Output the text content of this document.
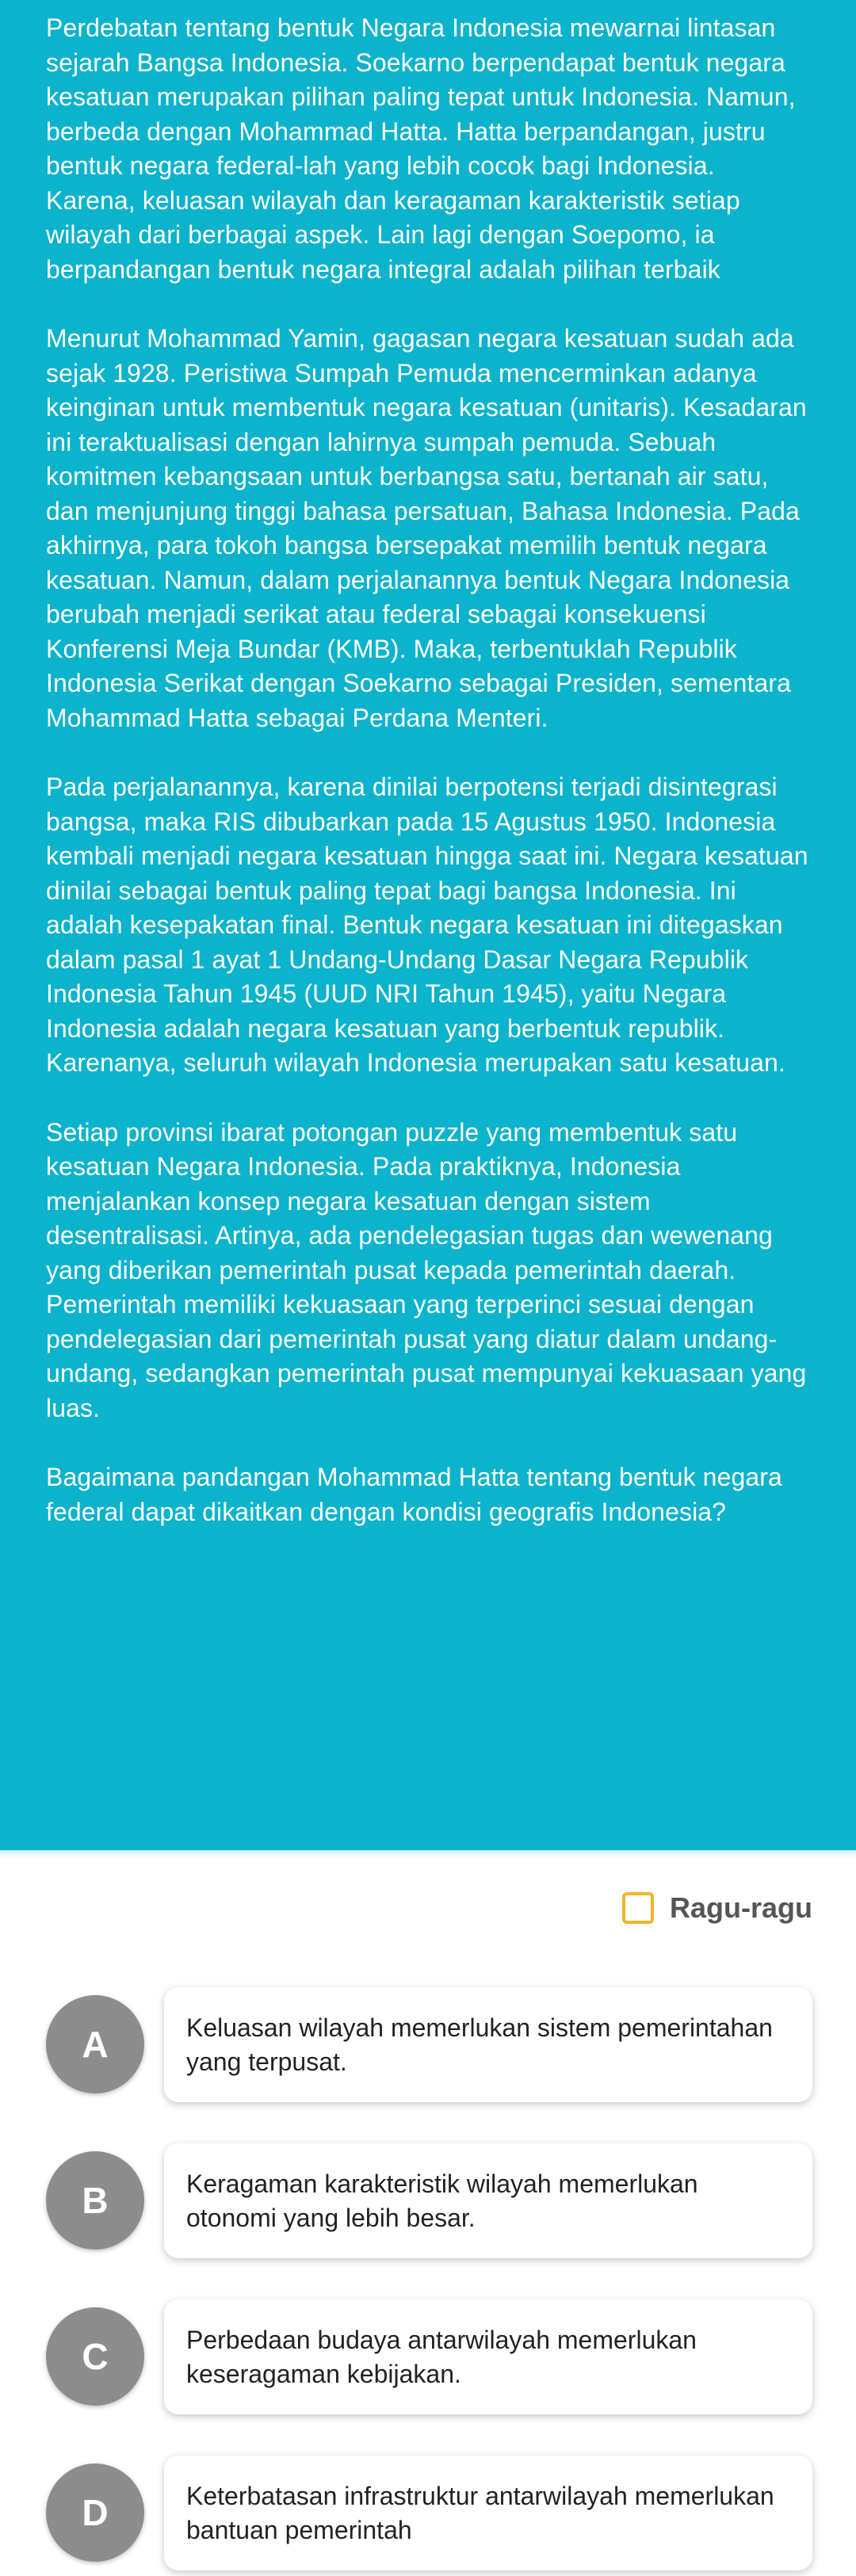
Perdebatan tentang bentuk Negara Indonesia mewarnai lintasan sejarah Bangsa Indonesia. Soekarno berpendapat bentuk negara kesatuan merupakan pilihan paling tepat untuk Indonesia. Namun, berbeda dengan Mohammad Hatta. Hatta berpandangan, justru bentuk negara federal-lah yang lebih cocok bagi Indonesia. Karena, keluasan wilayah dan keragaman karakteristik setiap wilayah dari berbagai aspek. Lain lagi dengan Soepomo, ia berpandangan bentuk negara integral adalah pilihan terbaik

Menurut Mohammad Yamin, gagasan negara kesatuan sudah ada sejak 1928. Peristiwa Sumpah Pemuda mencerminkan adanya keinginan untuk membentuk negara kesatuan (unitaris). Kesadaran ini teraktualisasi dengan lahirnya sumpah pemuda. Sebuah komitmen kebangsaan untuk berbangsa satu, bertanah air satu, dan menjunjung tinggi bahasa persatuan, Bahasa Indonesia. Pada akhirnya, para tokoh bangsa bersepakat memilih bentuk negara kesatuan. Namun, dalam perjalanannya bentuk Negara Indonesia berubah menjadi serikat atau federal sebagai konsekuensi Konferensi Meja Bundar (KMB). Maka, terbentuklah Republik Indonesia Serikat dengan Soekarno sebagai Presiden, sementara Mohammad Hatta sebagai Perdana Menteri.

Pada perjalanannya, karena dinilai berpotensi terjadi disintegrasi bangsa, maka RIS dibubarkan pada 15 Agustus 1950. Indonesia kembali menjadi negara kesatuan hingga saat ini. Negara kesatuan dinilai sebagai bentuk paling tepat bagi bangsa Indonesia. Ini adalah kesepakatan final. Bentuk negara kesatuan ini ditegaskan dalam pasal 1 ayat 1 Undang-Undang Dasar Negara Republik Indonesia Tahun 1945 (UUD NRI Tahun 1945), yaitu Negara Indonesia adalah negara kesatuan yang berbentuk republik. Karenanya, seluruh wilayah Indonesia merupakan satu kesatuan.

Setiap provinsi ibarat potongan puzzle yang membentuk satu kesatuan Negara Indonesia. Pada praktiknya, Indonesia menjalankan konsep negara kesatuan dengan sistem desentralisasi. Artinya, ada pendelegasian tugas dan wewenang yang diberikan pemerintah pusat kepada pemerintah daerah. Pemerintah memiliki kekuasaan yang terperinci sesuai dengan pendelegasian dari pemerintah pusat yang diatur dalam undang-undang, sedangkan pemerintah pusat mempunyai kekuasaan yang luas.

Bagaimana pandangan Mohammad Hatta tentang bentuk negara federal dapat dikaitkan dengan kondisi geografis Indonesia?

Ragu-ragu
Keluasan wilayah memerlukan sistem pemerintahan yang terpusat.
A
Keragaman karakteristik wilayah memerlukan otonomi yang lebih besar.
B
Perbedaan budaya antarwilayah memerlukan keseragaman kebijakan.
C
Keterbatasan infrastruktur antarwilayah memerlukan bantuan pemerintah
D
